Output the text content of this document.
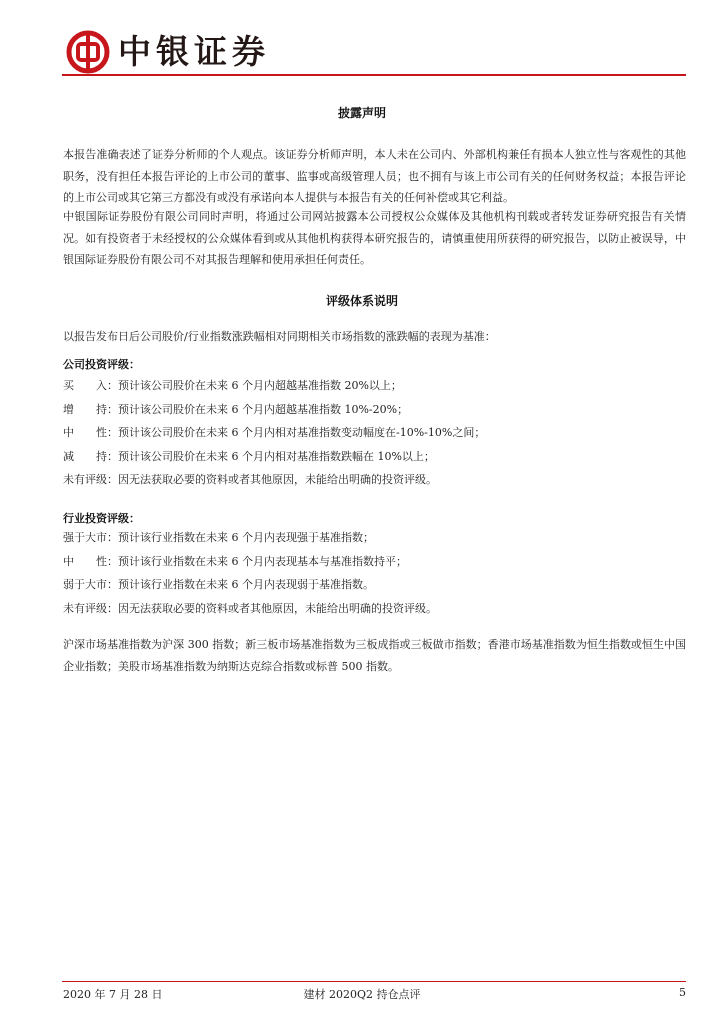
中银证券
披露声明
本报告准确表述了证券分析师的个人观点。该证券分析师声明，本人未在公司内、外部机构兼任有损本人独立性与客观性的其他职务，没有担任本报告评论的上市公司的董事、监事或高级管理人员；也不拥有与该上市公司有关的任何财务权益；本报告评论的上市公司或其它第三方都没有或没有承诺向本人提供与本报告有关的任何补偿或其它利益。
中银国际证券股份有限公司同时声明，将通过公司网站披露本公司授权公众媒体及其他机构刊载或者转发证券研究报告有关情况。如有投资者于未经授权的公众媒体看到或从其他机构获得本研究报告的，请慎重使用所获得的研究报告，以防止被误导，中银国际证券股份有限公司不对其报告理解和使用承担任何责任。
评级体系说明
以报告发布日后公司股价/行业指数涨跌幅相对同期相关市场指数的涨跌幅的表现为基准：
公司投资评级：
买　　入：预计该公司股价在未来 6 个月内超越基准指数 20%以上；
增　　持：预计该公司股价在未来 6 个月内超越基准指数 10%-20%；
中　　性：预计该公司股价在未来 6 个月内相对基准指数变动幅度在-10%-10%之间；
减　　持：预计该公司股价在未来 6 个月内相对基准指数跌幅在 10%以上；
未有评级：因无法获取必要的资料或者其他原因，未能给出明确的投资评级。
行业投资评级：
强于大市：预计该行业指数在未来 6 个月内表现强于基准指数；
中　　性：预计该行业指数在未来 6 个月内表现基本与基准指数持平；
弱于大市：预计该行业指数在未来 6 个月内表现弱于基准指数。
未有评级：因无法获取必要的资料或者其他原因，未能给出明确的投资评级。
沪深市场基准指数为沪深 300 指数；新三板市场基准指数为三板成指或三板做市指数；香港市场基准指数为恒生指数或恒生中国企业指数；美股市场基准指数为纳斯达克综合指数或标普 500 指数。
2020 年 7 月 28 日	建材 2020Q2 持仓点评	5
